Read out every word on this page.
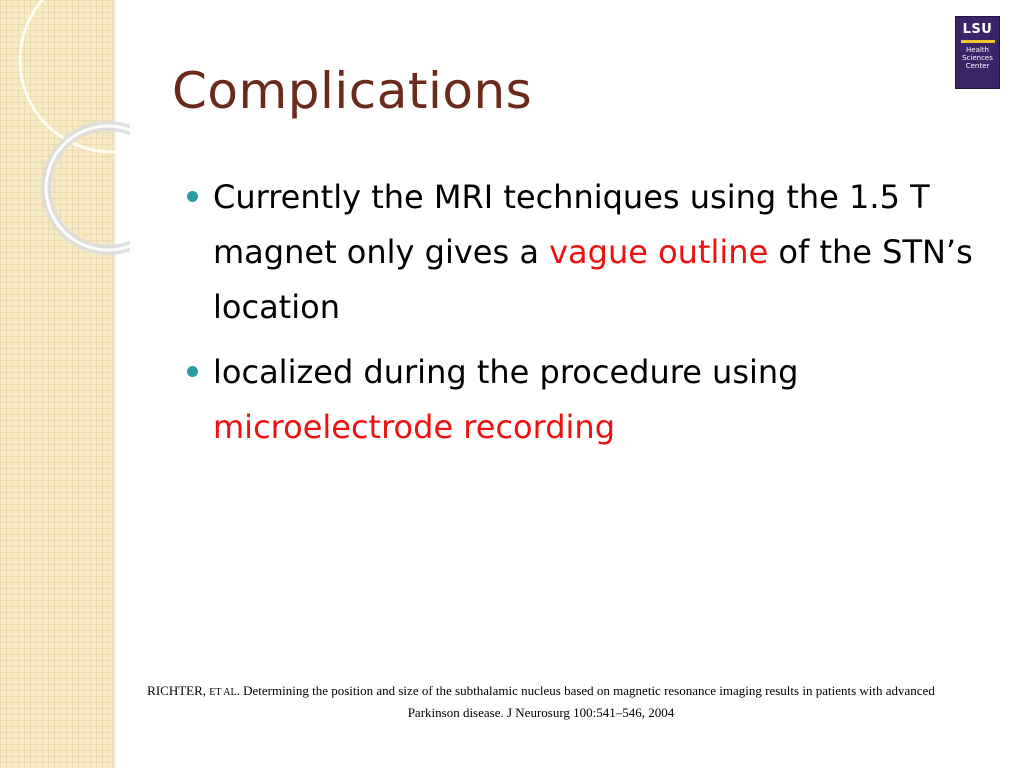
Complications
LSU
Health
Sciences
Center
Currently the MRI techniques using the 1.5 T magnet only gives a vague outline of the STN’s location
localized during the procedure using microelectrode recording

RICHTER, ET AL. Determining the position and size of the subthalamic nucleus based on magnetic resonance imaging results in patients with advanced Parkinson disease. J Neurosurg 100:541–546, 2004
